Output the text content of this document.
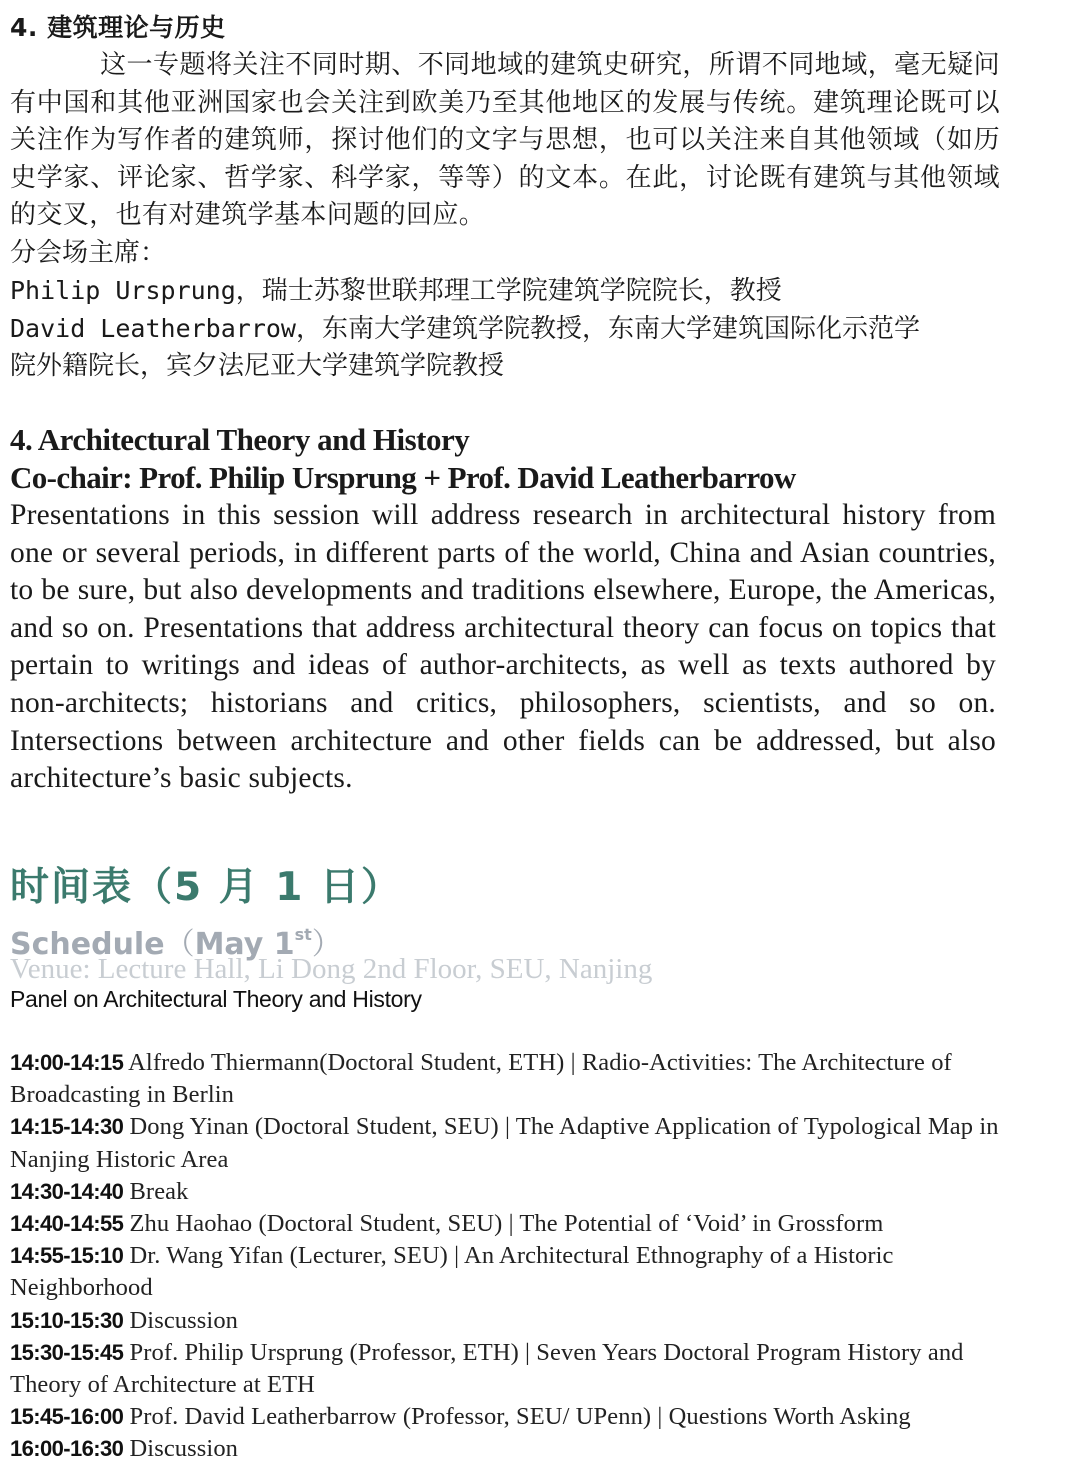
4. 建筑理论与历史

这一专题将关注不同时期、不同地域的建筑史研究，所谓不同地域，毫无疑问有中国和其他亚洲国家也会关注到欧美乃至其他地区的发展与传统。建筑理论既可以关注作为写作者的建筑师，探讨他们的文字与思想，也可以关注来自其他领域（如历史学家、评论家、哲学家、科学家，等等）的文本。在此，讨论既有建筑与其他领域的交叉，也有对建筑学基本问题的回应。

分会场主席：

Philip Ursprung，瑞士苏黎世联邦理工学院建筑学院院长，教授

David Leatherbarrow，东南大学建筑学院教授，东南大学建筑国际化示范学

院外籍院长，宾夕法尼亚大学建筑学院教授

4. Architectural Theory and History
Co-chair: Prof. Philip Ursprung + Prof. David Leatherbarrow

Presentations in this session will address research in architectural history from one or several periods, in different parts of the world, China and Asian countries, to be sure, but also developments and traditions elsewhere, Europe, the Americas, and so on. Presentations that address architectural theory can focus on topics that pertain to writings and ideas of author-architects, as well as texts authored by non-architects; historians and critics, philosophers, scientists, and so on. Intersections between architecture and other fields can be addressed, but also architecture’s basic subjects.

时间表（5 月 1 日）
Schedule（May 1st）

Venue: Lecture Hall, Li Dong 2nd Floor, SEU, Nanjing

Panel on Architectural Theory and History

14:00-14:15 Alfredo Thiermann(Doctoral Student, ETH) | Radio-Activities: The Architecture of Broadcasting in Berlin
14:15-14:30 Dong Yinan (Doctoral Student, SEU) | The Adaptive Application of Typological Map in Nanjing Historic Area
14:30-14:40 Break
14:40-14:55 Zhu Haohao (Doctoral Student, SEU) | The Potential of ‘Void’ in Grossform
14:55-15:10 Dr. Wang Yifan (Lecturer, SEU) | An Architectural Ethnography of a Historic Neighborhood
15:10-15:30 Discussion
15:30-15:45 Prof. Philip Ursprung (Professor, ETH) | Seven Years Doctoral Program History and Theory of Architecture at ETH
15:45-16:00 Prof. David Leatherbarrow (Professor, SEU/ UPenn) | Questions Worth Asking
16:00-16:30 Discussion
